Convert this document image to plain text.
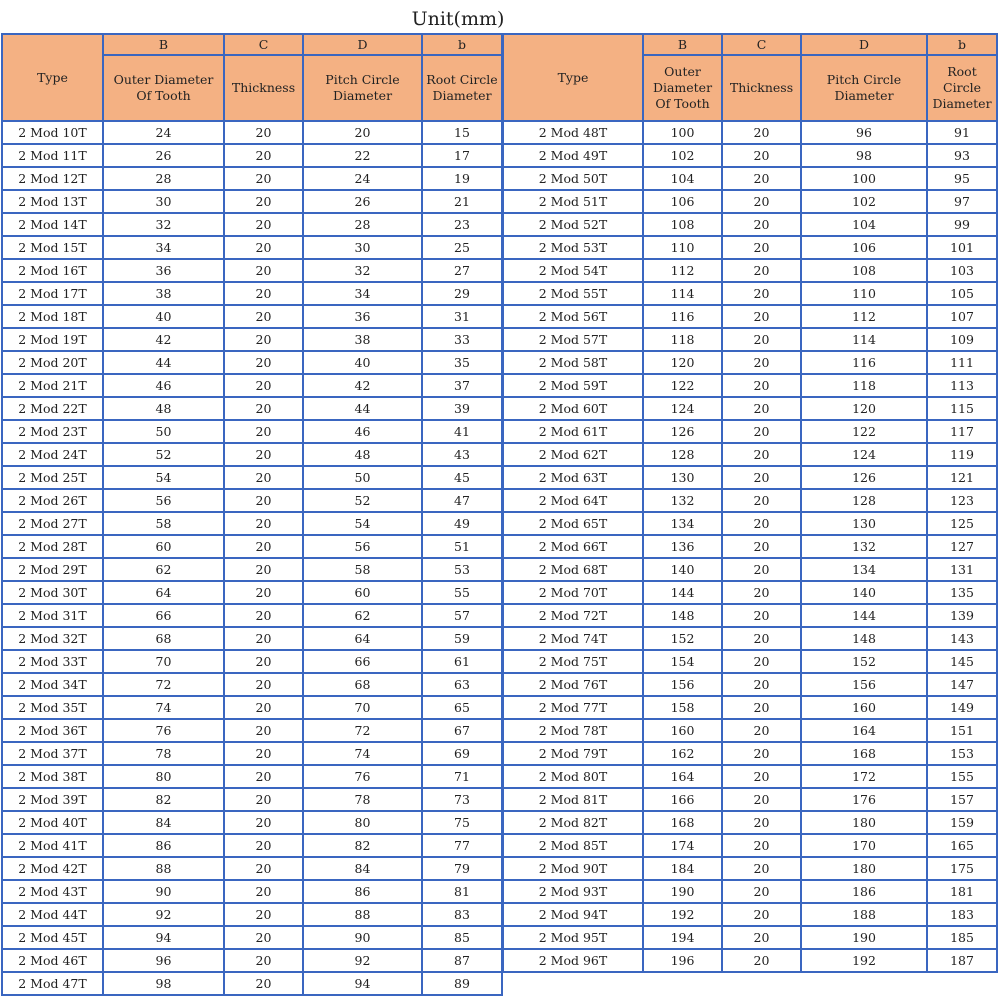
Unit(mm)
Type	B	C	D	b

	Outer Diameter Of Tooth	Thickness	Pitch Circle Diameter	Root Circle Diameter

2 Mod 10T	24	20	20	15
2 Mod 11T	26	20	22	17
2 Mod 12T	28	20	24	19
2 Mod 13T	30	20	26	21
2 Mod 14T	32	20	28	23
2 Mod 15T	34	20	30	25
2 Mod 16T	36	20	32	27
2 Mod 17T	38	20	34	29
2 Mod 18T	40	20	36	31
2 Mod 19T	42	20	38	33
2 Mod 20T	44	20	40	35
2 Mod 21T	46	20	42	37
2 Mod 22T	48	20	44	39
2 Mod 23T	50	20	46	41
2 Mod 24T	52	20	48	43
2 Mod 25T	54	20	50	45
2 Mod 26T	56	20	52	47
2 Mod 27T	58	20	54	49
2 Mod 28T	60	20	56	51
2 Mod 29T	62	20	58	53
2 Mod 30T	64	20	60	55
2 Mod 31T	66	20	62	57
2 Mod 32T	68	20	64	59
2 Mod 33T	70	20	66	61
2 Mod 34T	72	20	68	63
2 Mod 35T	74	20	70	65
2 Mod 36T	76	20	72	67
2 Mod 37T	78	20	74	69
2 Mod 38T	80	20	76	71
2 Mod 39T	82	20	78	73
2 Mod 40T	84	20	80	75
2 Mod 41T	86	20	82	77
2 Mod 42T	88	20	84	79
2 Mod 43T	90	20	86	81
2 Mod 44T	92	20	88	83
2 Mod 45T	94	20	90	85
2 Mod 46T	96	20	92	87
2 Mod 47T	98	20	94	89
Type	B	C	D	b

	Outer Diameter Of Tooth	Thickness	Pitch Circle Diameter	Root Circle Diameter

2 Mod 48T	100	20	96	91
2 Mod 49T	102	20	98	93
2 Mod 50T	104	20	100	95
2 Mod 51T	106	20	102	97
2 Mod 52T	108	20	104	99
2 Mod 53T	110	20	106	101
2 Mod 54T	112	20	108	103
2 Mod 55T	114	20	110	105
2 Mod 56T	116	20	112	107
2 Mod 57T	118	20	114	109
2 Mod 58T	120	20	116	111
2 Mod 59T	122	20	118	113
2 Mod 60T	124	20	120	115
2 Mod 61T	126	20	122	117
2 Mod 62T	128	20	124	119
2 Mod 63T	130	20	126	121
2 Mod 64T	132	20	128	123
2 Mod 65T	134	20	130	125
2 Mod 66T	136	20	132	127
2 Mod 68T	140	20	134	131
2 Mod 70T	144	20	140	135
2 Mod 72T	148	20	144	139
2 Mod 74T	152	20	148	143
2 Mod 75T	154	20	152	145
2 Mod 76T	156	20	156	147
2 Mod 77T	158	20	160	149
2 Mod 78T	160	20	164	151
2 Mod 79T	162	20	168	153
2 Mod 80T	164	20	172	155
2 Mod 81T	166	20	176	157
2 Mod 82T	168	20	180	159
2 Mod 85T	174	20	170	165
2 Mod 90T	184	20	180	175
2 Mod 93T	190	20	186	181
2 Mod 94T	192	20	188	183
2 Mod 95T	194	20	190	185
2 Mod 96T	196	20	192	187
